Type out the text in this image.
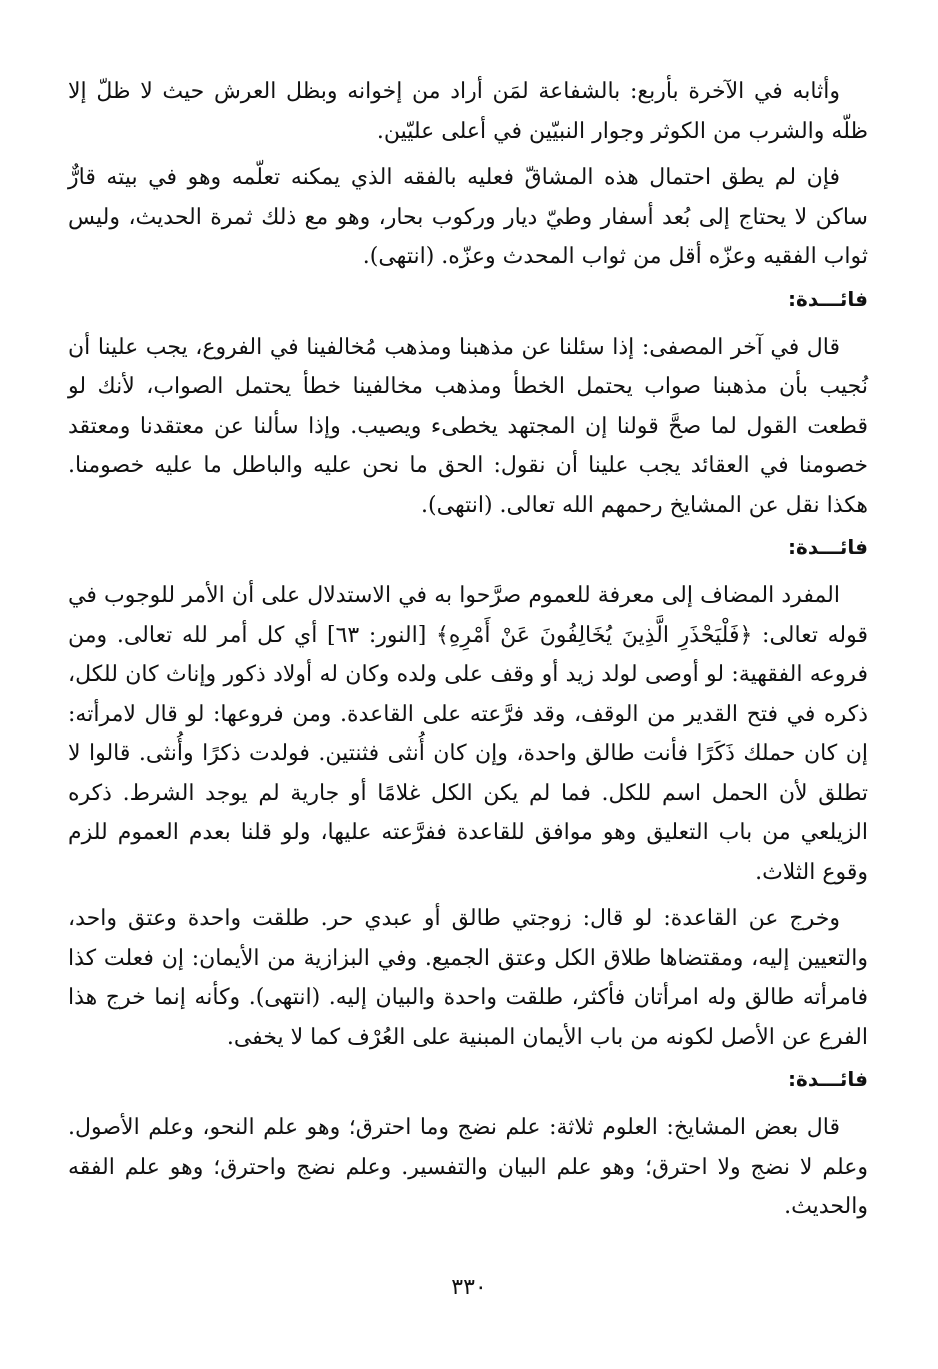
وأثابه في الآخرة بأربع: بالشفاعة لمَن أراد من إخوانه وبظل العرش حيث لا ظلّ إلا ظلّه والشرب من الكوثر وجوار النبيّين في أعلى عليّين.

فإن لم يطق احتمال هذه المشاقّ فعليه بالفقه الذي يمكنه تعلّمه وهو في بيته قارٌّ ساكن لا يحتاج إلى بُعد أسفار وطيّ ديار وركوب بحار، وهو مع ذلك ثمرة الحديث، وليس ثواب الفقيه وعزّه أقل من ثواب المحدث وعزّه. (انتهى).

فائـــدة:

قال في آخر المصفى: إذا سئلنا عن مذهبنا ومذهب مُخالفينا في الفروع، يجب علينا أن نُجيب بأن مذهبنا صواب يحتمل الخطأ ومذهب مخالفينا خطأ يحتمل الصواب، لأنك لو قطعت القول لما صحَّ قولنا إن المجتهد يخطىء ويصيب. وإذا سألنا عن معتقدنا ومعتقد خصومنا في العقائد يجب علينا أن نقول: الحق ما نحن عليه والباطل ما عليه خصومنا. هكذا نقل عن المشايخ رحمهم الله تعالى. (انتهى).

فائـــدة:

المفرد المضاف إلى معرفة للعموم صرَّحوا به في الاستدلال على أن الأمر للوجوب في قوله تعالى: ﴿فَلْيَحْذَرِ الَّذِينَ يُخَالِفُونَ عَنْ أَمْرِهِ﴾ [النور: ٦٣] أي كل أمر لله تعالى. ومن فروعه الفقهية: لو أوصى لولد زيد أو وقف على ولده وكان له أولاد ذكور وإناث كان للكل، ذكره في فتح القدير من الوقف، وقد فرَّعته على القاعدة. ومن فروعها: لو قال لامرأته: إن كان حملك ذَكَرًا فأنت طالق واحدة، وإن كان أُنثى فثنتين. فولدت ذكرًا وأُنثى. قالوا لا تطلق لأن الحمل اسم للكل. فما لم يكن الكل غلامًا أو جارية لم يوجد الشرط. ذكره الزيلعي من باب التعليق وهو موافق للقاعدة ففرَّعته عليها، ولو قلنا بعدم العموم للزم وقوع الثلاث.

وخرج عن القاعدة: لو قال: زوجتي طالق أو عبدي حر. طلقت واحدة وعتق واحد، والتعيين إليه، ومقتضاها طلاق الكل وعتق الجميع. وفي البزازية من الأيمان: إن فعلت كذا فامرأته طالق وله امرأتان فأكثر، طلقت واحدة والبيان إليه. (انتهى). وكأنه إنما خرج هذا الفرع عن الأصل لكونه من باب الأيمان المبنية على العُرْف كما لا يخفى.

فائـــدة:

قال بعض المشايخ: العلوم ثلاثة: علم نضج وما احترق؛ وهو علم النحو، وعلم الأصول. وعلم لا نضج ولا احترق؛ وهو علم البيان والتفسير. وعلم نضج واحترق؛ وهو علم الفقه والحديث.

٣٣٠
